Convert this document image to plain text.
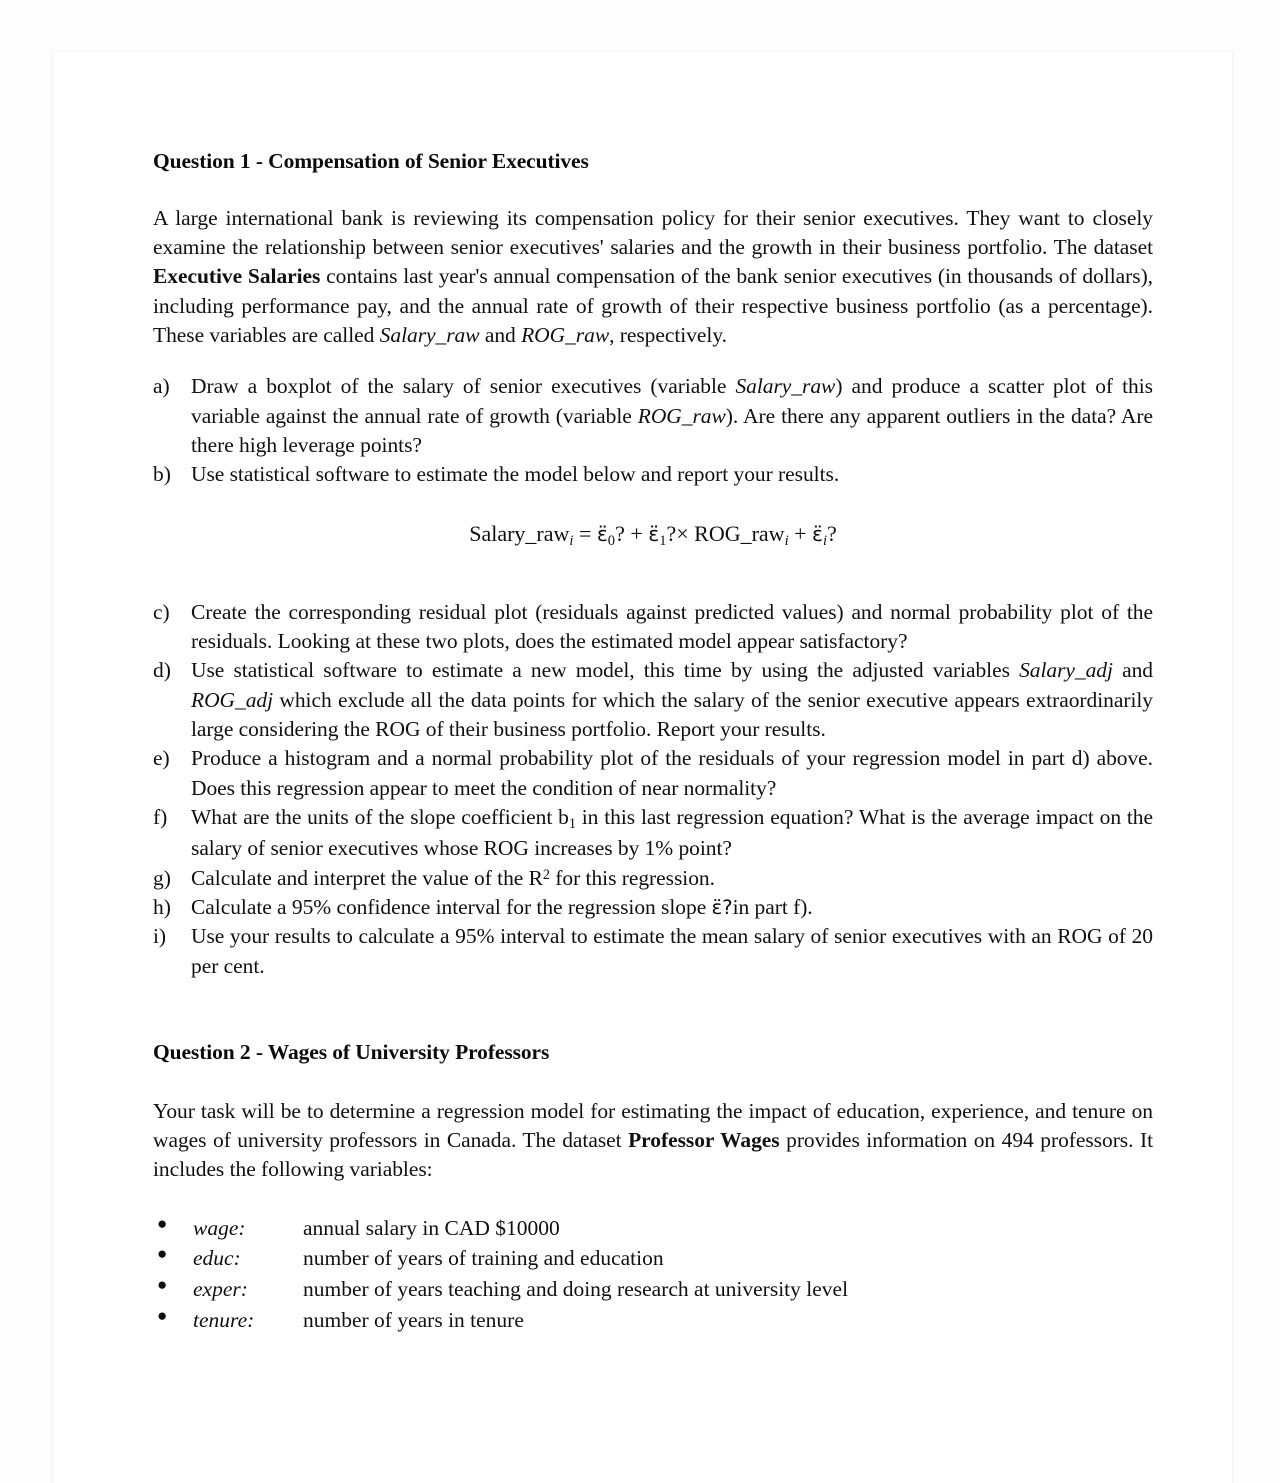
Question 1 - Compensation of Senior Executives

A large international bank is reviewing its compensation policy for their senior executives. They want to closely examine the relationship between senior executives' salaries and the growth in their business portfolio. The dataset Executive Salaries contains last year's annual compensation of the bank senior executives (in thousands of dollars), including performance pay, and the annual rate of growth of their respective business portfolio (as a percentage). These variables are called Salary_raw and ROG_raw, respectively.

a) Draw a boxplot of the salary of senior executives (variable Salary_raw) and produce a scatter plot of this variable against the annual rate of growth (variable ROG_raw). Are there any apparent outliers in the data? Are there high leverage points?
b) Use statistical software to estimate the model below and report your results.
Salary_raw$_i$ = $ɛ̈_0$? + $ɛ̈_1?\times$ ROG_raw$_i$ + $ɛ̈_i$?
c) Create the corresponding residual plot (residuals against predicted values) and normal probability plot of the residuals. Looking at these two plots, does the estimated model appear satisfactory?
d) Use statistical software to estimate a new model, this time by using the adjusted variables Salary_adj and ROG_adj which exclude all the data points for which the salary of the senior executive appears extraordinarily large considering the ROG of their business portfolio. Report your results.
e) Produce a histogram and a normal probability plot of the residuals of your regression model in part d) above. Does this regression appear to meet the condition of near normality?
f)	What are the units of the slope coefficient $b_1$ in this last regression equation? What is the average impact on the salary of senior executives whose ROG increases by 1% point?
g) Calculate and interpret the value of the $R^2$ for this regression.
h) Calculate a 95% confidence interval for the regression slope ɛ̈?in part f).
i)	Use your results to calculate a 95% interval to estimate the mean salary of senior executives with an ROG of 20 per cent.
Question 2 - Wages of University Professors

Your task will be to determine a regression model for estimating the impact of education, experience, and tenure on wages of university professors in Canada. The dataset Professor Wages provides information on 494 professors. It includes the following variables:

● wage:	annual salary in CAD $10000
● educ:	number of years of training and education
● exper:	number of years teaching and doing research at university level
● tenure: number of years in tenure
